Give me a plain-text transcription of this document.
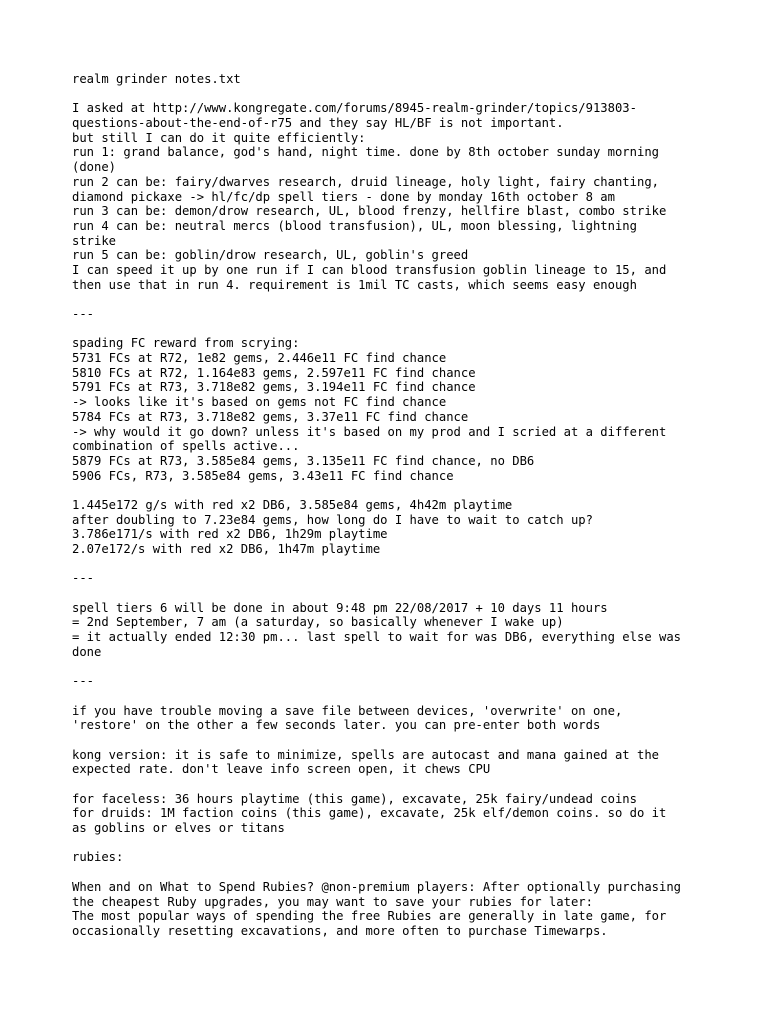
realm grinder notes.txt
I asked at http://www.kongregate.com/forums/8945-realm-grinder/topics/913803-
questions-about-the-end-of-r75 and they say HL/BF is not important.
but still I can do it quite efficiently:
run 1: grand balance, god's hand, night time. done by 8th october sunday morning
(done)
run 2 can be: fairy/dwarves research, druid lineage, holy light, fairy chanting,
diamond pickaxe -> hl/fc/dp spell tiers - done by monday 16th october 8 am
run 3 can be: demon/drow research, UL, blood frenzy, hellfire blast, combo strike
run 4 can be: neutral mercs (blood transfusion), UL, moon blessing, lightning
strike
run 5 can be: goblin/drow research, UL, goblin's greed
I can speed it up by one run if I can blood transfusion goblin lineage to 15, and
then use that in run 4. requirement is 1mil TC casts, which seems easy enough
---
spading FC reward from scrying:
5731 FCs at R72, 1e82 gems, 2.446e11 FC find chance
5810 FCs at R72, 1.164e83 gems, 2.597e11 FC find chance
5791 FCs at R73, 3.718e82 gems, 3.194e11 FC find chance
-> looks like it's based on gems not FC find chance
5784 FCs at R73, 3.718e82 gems, 3.37e11 FC find chance
-> why would it go down? unless it's based on my prod and I scried at a different
combination of spells active...
5879 FCs at R73, 3.585e84 gems, 3.135e11 FC find chance, no DB6
5906 FCs, R73, 3.585e84 gems, 3.43e11 FC find chance
1.445e172 g/s with red x2 DB6, 3.585e84 gems, 4h42m playtime
after doubling to 7.23e84 gems, how long do I have to wait to catch up?
3.786e171/s with red x2 DB6, 1h29m playtime
2.07e172/s with red x2 DB6, 1h47m playtime
---
spell tiers 6 will be done in about 9:48 pm 22/08/2017 + 10 days 11 hours
= 2nd September, 7 am (a saturday, so basically whenever I wake up)
= it actually ended 12:30 pm... last spell to wait for was DB6, everything else was
done
---
if you have trouble moving a save file between devices, 'overwrite' on one,
'restore' on the other a few seconds later. you can pre-enter both words
kong version: it is safe to minimize, spells are autocast and mana gained at the
expected rate. don't leave info screen open, it chews CPU
for faceless: 36 hours playtime (this game), excavate, 25k fairy/undead coins
for druids: 1M faction coins (this game), excavate, 25k elf/demon coins. so do it
as goblins or elves or titans
rubies:
When and on What to Spend Rubies? @non-premium players: After optionally purchasing
the cheapest Ruby upgrades, you may want to save your rubies for later:
The most popular ways of spending the free Rubies are generally in late game, for
occasionally resetting excavations, and more often to purchase Timewarps.
